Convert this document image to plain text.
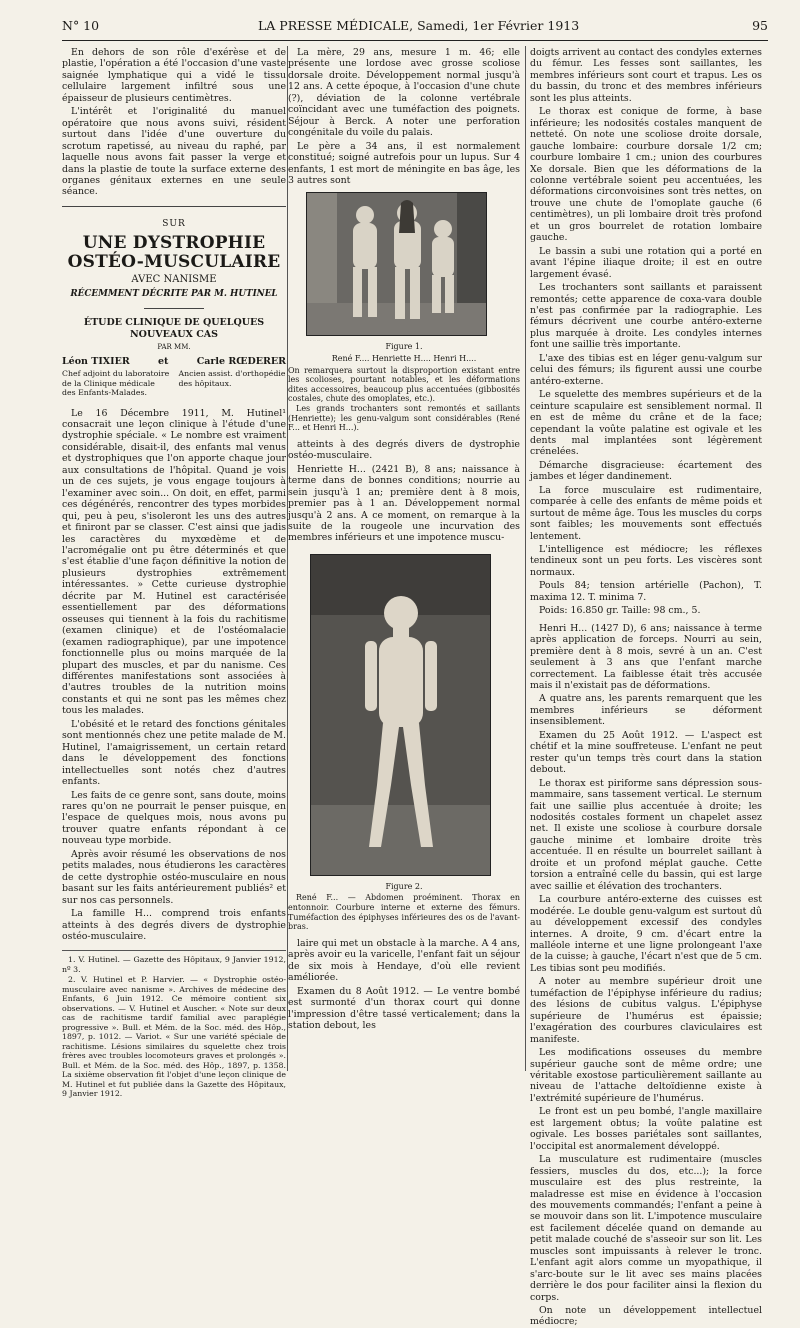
N° 10	LA PRESSE MÉDICALE, Samedi, 1er Février 1913	95

En dehors de son rôle d'exérèse et de plastie, l'opération a été l'occasion d'une vaste saignée lymphatique qui a vidé le tissu cellulaire largement infiltré sous une épaisseur de plusieurs centimètres.

L'intérêt et l'originalité du manuel opératoire que nous avons suivi, résident surtout dans l'idée d'une ouverture du scrotum rapetissé, au niveau du raphé, par laquelle nous avons fait passer la verge et dans la plastie de toute la surface externe des organes génitaux externes en une seule séance.

SUR
UNE DYSTROPHIE OSTÉO-MUSCULAIRE
AVEC NANISME
RÉCEMMENT DÉCRITE PAR M. HUTINEL
ÉTUDE CLINIQUE DE QUELQUES NOUVEAUX CAS
PAR MM.
Léon TIXIER	et	Carle RŒDERER
Chef adjoint du laboratoire de la Clinique médicale des Enfants-Malades.
Ancien assist. d'orthopédie des hôpitaux.

Le 16 Décembre 1911, M. Hutinel¹ consacrait une leçon clinique à l'étude d'une dystrophie spéciale. « Le nombre est vraiment considérable, disait-il, des enfants mal venus et dystrophiques que l'on apporte chaque jour aux consultations de l'hôpital. Quand je vois un de ces sujets, je vous engage toujours à l'examiner avec soin... On doit, en effet, parmi ces dégénérés, rencontrer des types morbides qui, peu à peu, s'isoleront les uns des autres et finiront par se classer. C'est ainsi que jadis les caractères du myxœdème et de l'acromégalie ont pu être déterminés et que s'est établie d'une façon définitive la notion de plusieurs dystrophies extrêmement intéressantes. » Cette curieuse dystrophie décrite par M. Hutinel est caractérisée essentiellement par des déformations osseuses qui tiennent à la fois du rachitisme (examen clinique) et de l'ostéomalacie (examen radiographique), par une impotence fonctionnelle plus ou moins marquée de la plupart des muscles, et par du nanisme. Ces différentes manifestations sont associées à d'autres troubles de la nutrition moins constants et qui ne sont pas les mêmes chez tous les malades.

L'obésité et le retard des fonctions génitales sont mentionnés chez une petite malade de M. Hutinel, l'amaigrissement, un certain retard dans le développement des fonctions intellectuelles sont notés chez d'autres enfants.

Les faits de ce genre sont, sans doute, moins rares qu'on ne pourrait le penser puisque, en l'espace de quelques mois, nous avons pu trouver quatre enfants répondant à ce nouveau type morbide.

Après avoir résumé les observations de nos petits malades, nous étudierons les caractères de cette dystrophie ostéo-musculaire en nous basant sur les faits antérieurement publiés² et sur nos cas personnels.

La famille H... comprend trois enfants atteints à des degrés divers de dystrophie ostéo-musculaire.

1. V. Hutinel. — Gazette des Hôpitaux, 9 Janvier 1912, nº 3.

2. V. Hutinel et P. Harvier. — « Dystrophie ostéo-musculaire avec nanisme ». Archives de médecine des Enfants, 6 Juin 1912. Ce mémoire contient six observations. — V. Hutinel et Auscher. « Note sur deux cas de rachitisme tardif familial avec paraplégie progressive ». Bull. et Mém. de la Soc. méd. des Hôp., 1897, p. 1012. — Variot. « Sur une variété spéciale de rachitisme. Lésions similaires du squelette chez trois frères avec troubles locomoteurs graves et prolongés ». Bull. et Mém. de la Soc. méd. des Hôp., 1897, p. 1358. La sixième observation fit l'objet d'une leçon clinique de M. Hutinel et fut publiée dans la Gazette des Hôpitaux, 9 Janvier 1912.

La mère, 29 ans, mesure 1 m. 46; elle présente une lordose avec grosse scoliose dorsale droite. Développement normal jusqu'à 12 ans. A cette époque, à l'occasion d'une chute (?), déviation de la colonne vertébrale coïncidant avec une tuméfaction des poignets. Séjour à Berck. A noter une perforation congénitale du voile du palais.

Le père a 34 ans, il est normalement constitué; soigné autrefois pour un lupus. Sur 4 enfants, 1 est mort de méningite en bas âge, les 3 autres sont

Figure 1.
René F.... Henriette H.... Henri H....
On remarquera surtout la disproportion existant entre les scolioses, pourtant notables, et les déformations dites accessoires, beaucoup plus accentuées (gibbosités costales, chute des omoplates, etc.).
Les grands trochanters sont remontés et saillants (Henriette); les genu-valgum sont considérables (René F... et Henri H...).

atteints à des degrés divers de dystrophie ostéo-musculaire.

Henriette H... (2421 B), 8 ans; naissance à terme dans de bonnes conditions; nourrie au sein jusqu'à 1 an; première dent à 8 mois, premier pas à 1 an. Développement normal jusqu'à 2 ans. A ce moment, on remarque à la suite de la rougeole une incurvation des membres inférieurs et une impotence muscu-

Figure 2.
René F... — Abdomen proéminent. Thorax en entonnoir. Courbure interne et externe des fémurs. Tuméfaction des épiphyses inférieures des os de l'avant-bras.

laire qui met un obstacle à la marche. A 4 ans, après avoir eu la varicelle, l'enfant fait un séjour de six mois à Hendaye, d'où elle revient améliorée.

Examen du 8 Août 1912. — Le ventre bombé est surmonté d'un thorax court qui donne l'impression d'être tassé verticalement; dans la station debout, les

doigts arrivent au contact des condyles externes du fémur. Les fesses sont saillantes, les membres inférieurs sont court et trapus. Les os du bassin, du tronc et des membres inférieurs sont les plus atteints.

Le thorax est conique de forme, à base inférieure; les nodosités costales manquent de netteté. On note une scoliose droite dorsale, gauche lombaire: courbure dorsale 1/2 cm; courbure lombaire 1 cm.; union des courbures Xe dorsale. Bien que les déformations de la colonne vertébrale soient peu accentuées, les déformations circonvoisines sont très nettes, on trouve une chute de l'omoplate gauche (6 centimètres), un pli lombaire droit très profond et un gros bourrelet de rotation lombaire gauche.

Le bassin a subi une rotation qui a porté en avant l'épine iliaque droite; il est en outre largement évasé.

Les trochanters sont saillants et paraissent remontés; cette apparence de coxa-vara double n'est pas confirmée par la radiographie. Les fémurs décrivent une courbe antéro-externe plus marquée à droite. Les condyles internes font une saillie très importante.

L'axe des tibias est en léger genu-valgum sur celui des fémurs; ils figurent aussi une courbe antéro-externe.

Le squelette des membres supérieurs et de la ceinture scapulaire est sensiblement normal. Il en est de même du crâne et de la face; cependant la voûte palatine est ogivale et les dents mal implantées sont légèrement crénelées.

Démarche disgracieuse: écartement des jambes et léger dandinement.

La force musculaire est rudimentaire, comparée à celle des enfants de même poids et surtout de même âge. Tous les muscles du corps sont faibles; les mouvements sont effectués lentement.

L'intelligence est médiocre; les réflexes tendineux sont un peu forts. Les viscères sont normaux.

Pouls 84; tension artérielle (Pachon), T. maxima 12. T. minima 7.

Poids: 16.850 gr. Taille: 98 cm., 5.

Henri H... (1427 D), 6 ans; naissance à terme après application de forceps. Nourri au sein, première dent à 8 mois, sevré à un an. C'est seulement à 3 ans que l'enfant marche correctement. La faiblesse était très accusée mais il n'existait pas de déformations.

A quatre ans, les parents remarquent que les membres inférieurs se déforment insensiblement.

Examen du 25 Août 1912. — L'aspect est chétif et la mine souffreteuse. L'enfant ne peut rester qu'un temps très court dans la station debout.

Le thorax est piriforme sans dépression sous-mammaire, sans tassement vertical. Le sternum fait une saillie plus accentuée à droite; les nodosités costales forment un chapelet assez net. Il existe une scoliose à courbure dorsale gauche minime et lombaire droite très accentuée. Il en résulte un bourrelet saillant à droite et un profond méplat gauche. Cette torsion a entraîné celle du bassin, qui est large avec saillie et élévation des trochanters.

La courbure antéro-externe des cuisses est modérée. Le double genu-valgum est surtout dû au développement excessif des condyles internes. A droite, 9 cm. d'écart entre la malléole interne et une ligne prolongeant l'axe de la cuisse; à gauche, l'écart n'est que de 5 cm. Les tibias sont peu modifiés.

A noter au membre supérieur droit une tuméfaction de l'épiphyse inférieure du radius; des lésions de cubitus valgus. L'épiphyse supérieure de l'humérus est épaissie; l'exagération des courbures claviculaires est manifeste.

Les modifications osseuses du membre supérieur gauche sont de même ordre; une véritable exostose particulièrement saillante au niveau de l'attache deltoïdienne existe à l'extrémité supérieure de l'humérus.

Le front est un peu bombé, l'angle maxillaire est largement obtus; la voûte palatine est ogivale. Les bosses pariétales sont saillantes, l'occipital est anormalement développé.

La musculature est rudimentaire (muscles fessiers, muscles du dos, etc...); la force musculaire est des plus restreinte, la maladresse est mise en évidence à l'occasion des mouvements commandés; l'enfant a peine à se mouvoir dans son lit. L'impotence musculaire est facilement décelée quand on demande au petit malade couché de s'asseoir sur son lit. Les muscles sont impuissants à relever le tronc. L'enfant agit alors comme un myopathique, il s'arc-boute sur le lit avec ses mains placées derrière le dos pour faciliter ainsi la flexion du corps.

On note un développement intellectuel médiocre;
